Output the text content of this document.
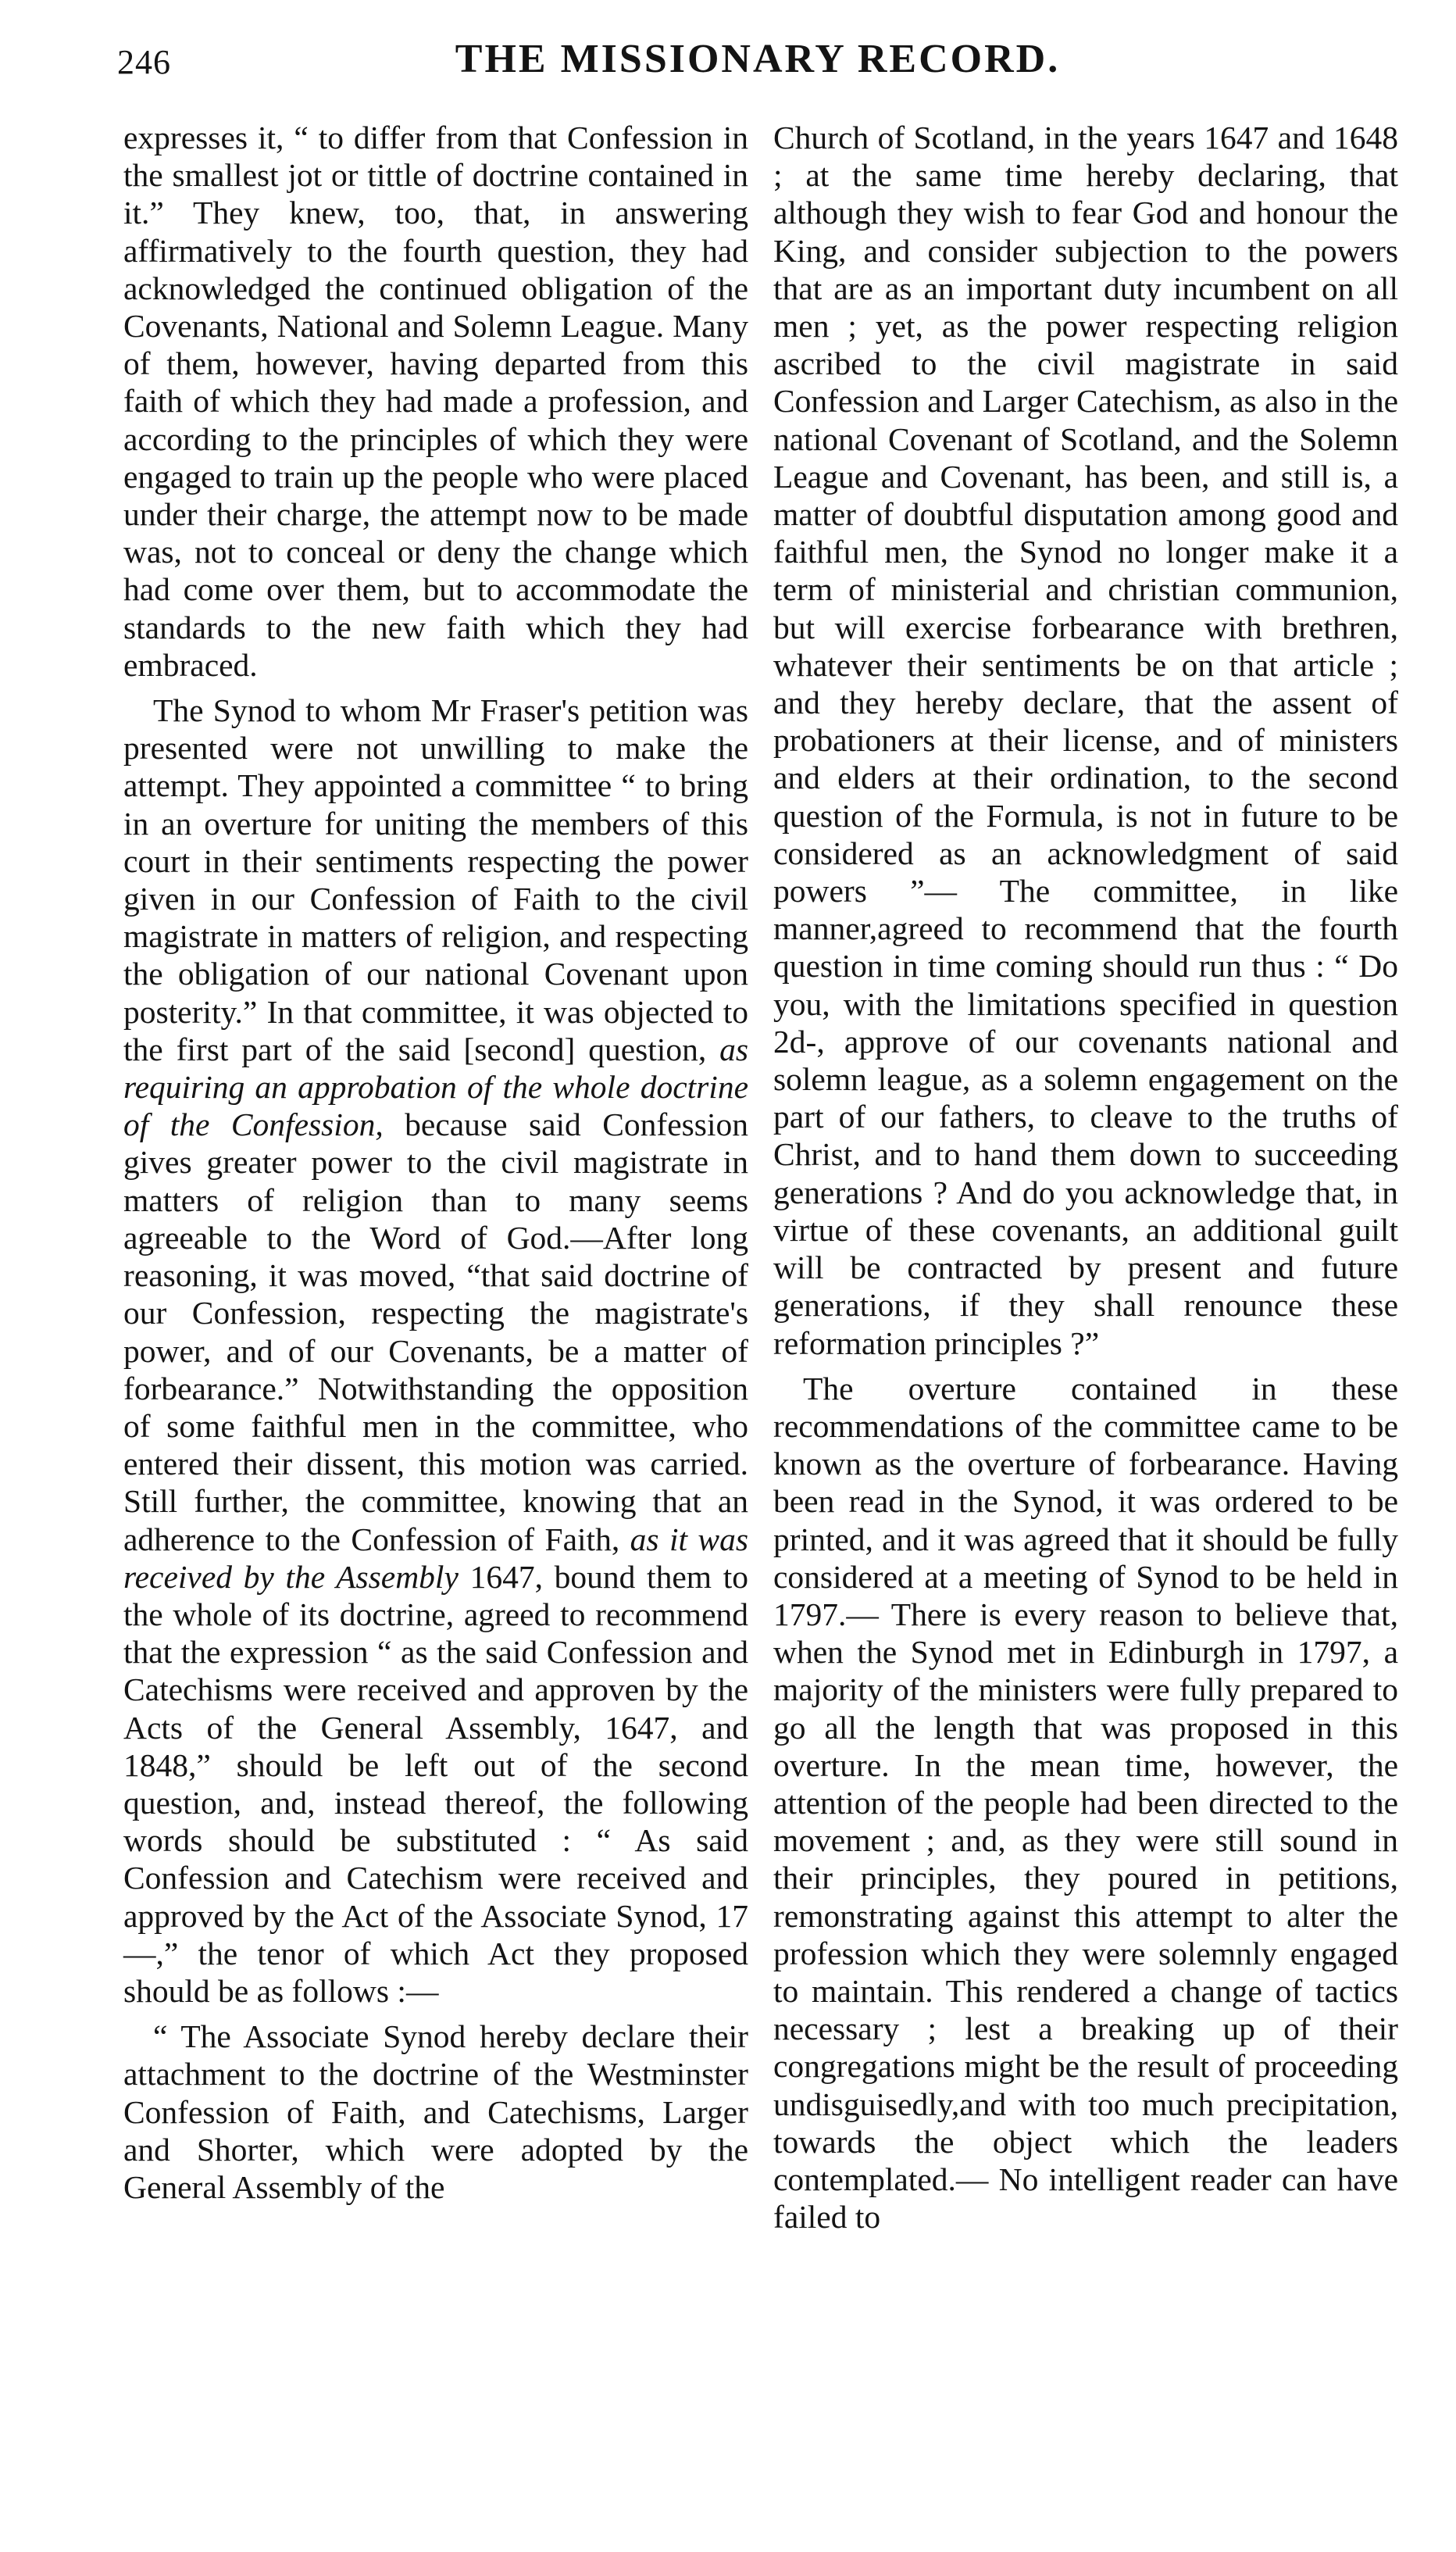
246	THE MISSIONARY RECORD.

expresses it, “ to differ from that Confession in the smallest jot or tittle of doctrine contained in it.” They knew, too, that, in answering affirmatively to the fourth question, they had acknowledged the continued obligation of the Covenants, National and Solemn League. Many of them, however, having departed from this faith of which they had made a profession, and according to the principles of which they were engaged to train up the people who were placed under their charge, the attempt now to be made was, not to conceal or deny the change which had come over them, but to accommodate the standards to the new faith which they had embraced.

The Synod to whom Mr Fraser's petition was presented were not unwilling to make the attempt. They appointed a committee “ to bring in an overture for uniting the members of this court in their sentiments respecting the power given in our Confession of Faith to the civil magistrate in matters of religion, and respecting the obligation of our national Covenant upon posterity.” In that committee, it was objected to the first part of the said [second] question, as requiring an approbation of the whole doctrine of the Confession, because said Confession gives greater power to the civil magistrate in matters of religion than to many seems agreeable to the Word of God.—After long reasoning, it was moved, “that said doctrine of our Confession, respecting the magistrate's power, and of our Covenants, be a matter of forbearance.” Notwithstanding the opposition of some faithful men in the committee, who entered their dissent, this motion was carried. Still further, the committee, knowing that an adherence to the Confession of Faith, as it was received by the Assembly 1647, bound them to the whole of its doctrine, agreed to recommend that the expression “ as the said Confession and Catechisms were received and approven by the Acts of the General Assembly, 1647, and 1848,” should be left out of the second question, and, instead thereof, the following words should be substituted : “ As said Confession and Catechism were received and approved by the Act of the Associate Synod, 17—,” the tenor of which Act they proposed should be as follows :—

“ The Associate Synod hereby declare their attachment to the doctrine of the Westminster Confession of Faith, and Catechisms, Larger and Shorter, which were adopted by the General Assembly of the

Church of Scotland, in the years 1647 and 1648 ; at the same time hereby declaring, that although they wish to fear God and honour the King, and consider subjection to the powers that are as an important duty incumbent on all men ; yet, as the power respecting religion ascribed to the civil magistrate in said Confession and Larger Catechism, as also in the national Covenant of Scotland, and the Solemn League and Covenant, has been, and still is, a matter of doubtful disputation among good and faithful men, the Synod no longer make it a term of ministerial and christian communion, but will exercise forbearance with brethren, whatever their sentiments be on that article ; and they hereby declare, that the assent of probationers at their license, and of ministers and elders at their ordination, to the second question of the Formula, is not in future to be considered as an acknowledgment of said powers ”— The committee, in like manner,agreed to recommend that the fourth question in time coming should run thus : “ Do you, with the limitations specified in question 2d-, approve of our covenants national and solemn league, as a solemn engagement on the part of our fathers, to cleave to the truths of Christ, and to hand them down to succeeding generations ? And do you acknowledge that, in virtue of these covenants, an additional guilt will be contracted by present and future generations, if they shall renounce these reformation principles ?”

The overture contained in these recommendations of the committee came to be known as the overture of forbearance. Having been read in the Synod, it was ordered to be printed, and it was agreed that it should be fully considered at a meeting of Synod to be held in 1797.— There is every reason to believe that, when the Synod met in Edinburgh in 1797, a majority of the ministers were fully prepared to go all the length that was proposed in this overture. In the mean time, however, the attention of the people had been directed to the movement ; and, as they were still sound in their principles, they poured in petitions, remonstrating against this attempt to alter the profession which they were solemnly engaged to maintain. This rendered a change of tactics necessary ; lest a breaking up of their congregations might be the result of proceeding undisguisedly,and with too much precipitation, towards the object which the leaders contemplated.— No intelligent reader can have failed to
